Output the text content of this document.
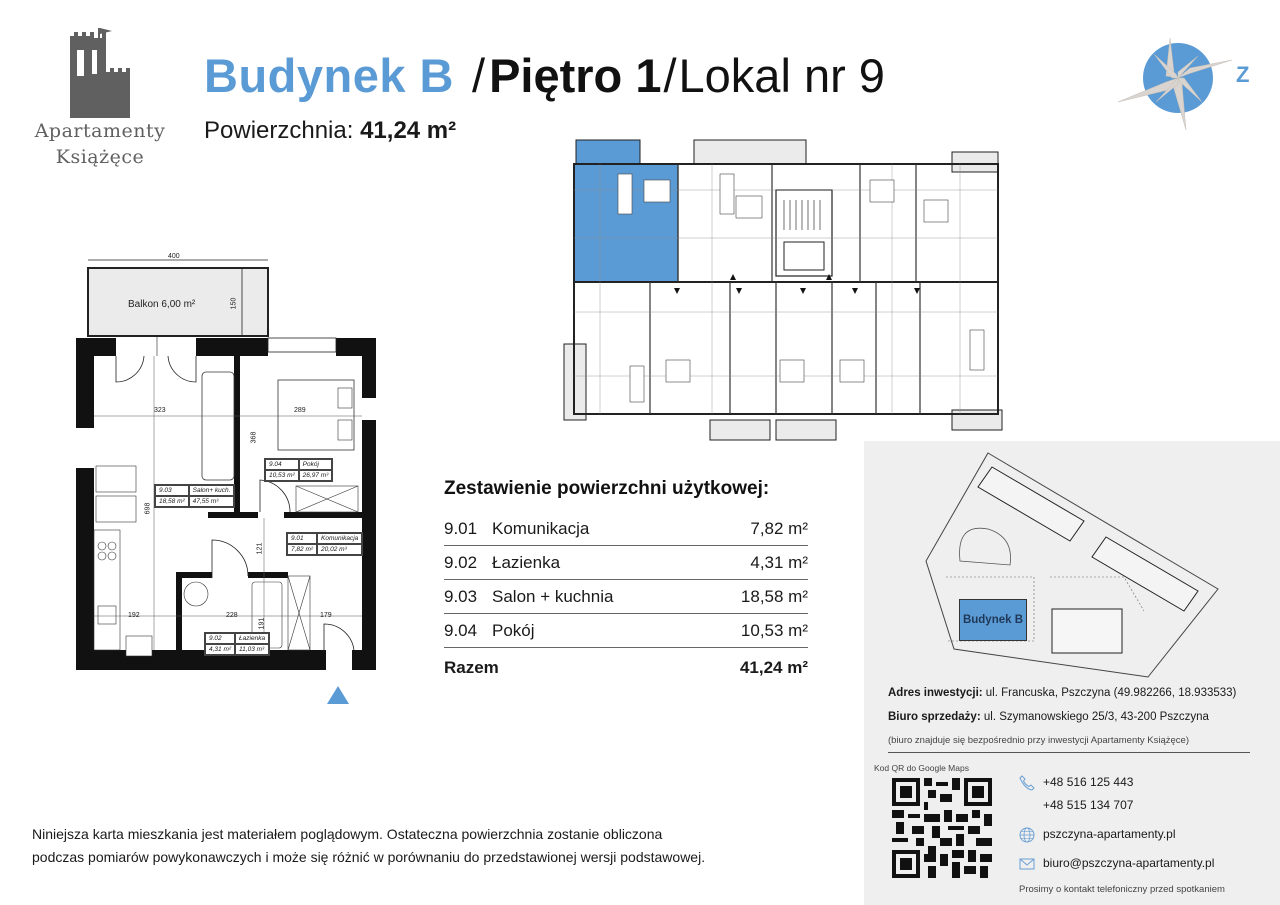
Apartamenty
Książęce
Budynek B / Piętro 1 / Lokal nr 9
Powierzchnia: 41,24 m²
Z
400
150
Balkon 6,00 m²
323	289
368
698
121
192	228
191
179
9.03	Salon+ kuch.
18,58 m²	47,55 m³
9.04	Pokój
10,53 m²	26,97 m³
9.01	Komunikacja
7,82 m²	20,02 m³
9.02	Łazienka
4,31 m²	11,03 m³
Zestawienie powierzchni użytkowej:
9.01 Komunikacja	7,82 m²
9.02 Łazienka	4,31 m²
9.03 Salon + kuchnia	18,58 m²
9.04 Pokój	10,53 m²
Razem	41,24 m²
Niniejsza karta mieszkania jest materiałem poglądowym. Ostateczna powierzchnia zostanie obliczona
podczas pomiarów powykonawczych i może się różnić w porównaniu do przedstawionej wersji podstawowej.
Budynek B
Adres inwestycji: ul. Francuska, Pszczyna (49.982266, 18.933533)
Biuro sprzedaży: ul. Szymanowskiego 25/3, 43-200 Pszczyna
(biuro znajduje się bezpośrednio przy inwestycji Apartamenty Książęce)
Kod QR do Google Maps
+48 516 125 443
+48 515 134 707
pszczyna-apartamenty.pl
biuro@pszczyna-apartamenty.pl
Prosimy o kontakt telefoniczny przed spotkaniem
